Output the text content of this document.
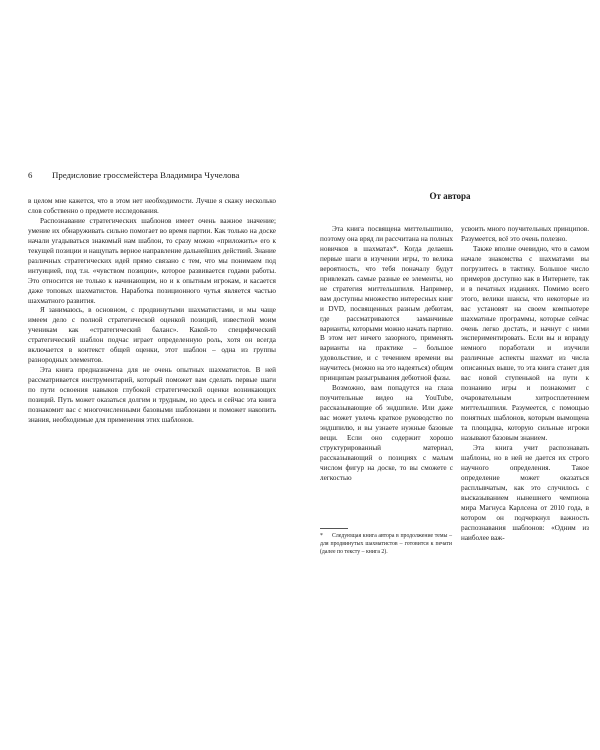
6 Предисловие гроссмейстера Владимира Чучелова

в целом мне кажется, что в этом нет необходимости. Лучше я скажу несколько слов собственно о предмете исследования.

Распознавание стратегических шаблонов имеет очень важное значение; умение их обнаруживать сильно помогает во время партии. Как только на доске начали угадываться знакомый нам шаблон, то сразу можно «приложить» его к текущей позиции и нащупать верное направление дальнейших действий. Знание различных стратегических идей прямо связано с тем, что мы понимаем под интуицией, под т.н. «чувством позиции», которое развивается годами работы. Это относится не только к начинающим, но и к опытным игрокам, и касается даже топовых шахматистов. Наработка позиционного чутья является частью шахматного развития.

Я занимаюсь, в основном, с продвинутыми шахматистами, и мы чаще имеем дело с полной стратегической оценкой позиций, известной моим ученикам как «стратегический баланс». Какой-то специфический стратегический шаблон подчас играет определенную роль, хотя он всегда включается в контекст общей оценки, этот шаблон – одна из группы разнородных элементов.

Эта книга предназначена для не очень опытных шахматистов. В ней рассматривается инструментарий, который поможет вам сделать первые шаги по пути освоения навыков глубокой стратегической оценки возникающих позиций. Путь может оказаться долгим и трудным, но здесь и сейчас эта книга познакомит вас с многочисленными базовыми шаблонами и поможет накопить знания, необходимые для применения этих шаблонов.

От автора

Эта книга посвящена миттельшпилю, поэтому она вряд ли рассчитана на полных новичков в шахматах*. Когда делаешь первые шаги в изучении игры, то велика вероятность, что тебя поначалу будут привлекать самые разные ее элементы, но не стратегия миттельшпиля. Например, вам доступны множество интересных книг и DVD, посвященных разным дебютам, где рассматриваются заманчивые варианты, которыми можно начать партию. В этом нет ничего зазорного, применять варианты на практике – большое удовольствие, и с течением времени вы научитесь (можно на это надеяться) общим принципам разыгрывания дебютной фазы.

Возможно, вам попадутся на глаза поучительные видео на YouTube, рассказывающие об эндшпиле. Или даже вас может увлечь краткое руководство по эндшпилю, и вы узнаете нужные базовые вещи. Если оно содержит хорошо структурированный материал, рассказывающий о позициях с малым числом фигур на доске, то вы сможете с легкостью

* Следующая книга автора в продолжение темы – для продвинутых шахматистов – готовится к печати (далее по тексту – книга 2).

усвоить много поучительных принципов. Разумеется, всё это очень полезно.

Также вполне очевидно, что в самом начале знакомства с шахматами вы погрузитесь в тактику. Большое число примеров доступно как в Интернете, так и в печатных изданиях. Помимо всего этого, велики шансы, что некоторые из вас установят на своем компьютере шахматные программы, которые сейчас очень легко достать, и начнут с ними экспериментировать. Если вы и вправду немного поработали и изучили различные аспекты шахмат из числа описанных выше, то эта книга станет для вас новой ступенькой на пути к познанию игры и познакомит с очаровательным хитросплетением миттельшпиля. Разумеется, с помощью понятных шаблонов, которым вымощена та площадка, которую сильные игроки называют базовым знанием.

Эта книга учит распознавать шаблоны, но в ней не дается их строго научного определения. Такое определение может оказаться расплывчатым, как это случилось с высказыванием нынешнего чемпиона мира Магнуса Карлсена от 2010 года, в котором он подчеркнул важность распознавания шаблонов: «Одним из наиболее важ-
